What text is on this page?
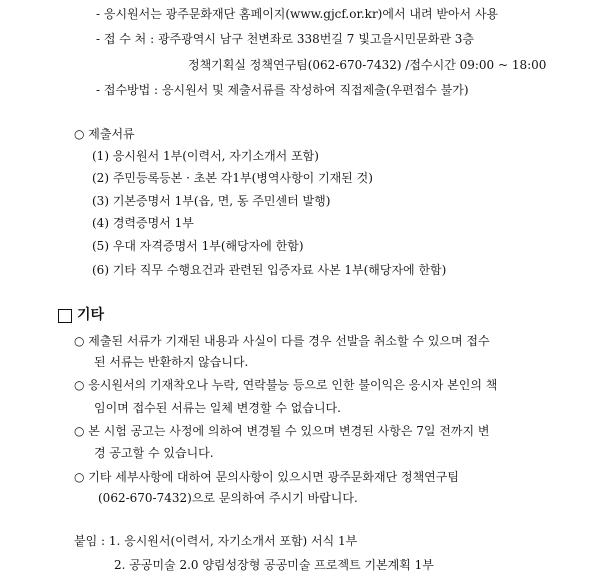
- 응시원서는 광주문화재단 홈페이지(www.gjcf.or.kr)에서 내려 받아서 사용
- 접 수 처 : 광주광역시 남구 천변좌로 338번길 7 빛고을시민문화관 3층
정책기획실 정책연구팀(062-670-7432) /접수시간 09:00 ~ 18:00
- 접수방법 : 응시원서 및 제출서류를 작성하여 직접제출(우편접수 불가)
○ 제출서류
(1) 응시원서 1부(이력서, 자기소개서 포함)
(2) 주민등록등본 · 초본 각1부(병역사항이 기재된 것)
(3) 기본증명서 1부(읍, 면, 동 주민센터 발행)
(4) 경력증명서 1부
(5) 우대 자격증명서 1부(해당자에 한함)
(6) 기타 직무 수행요건과 관련된 입증자료 사본 1부(해당자에 한함)
기타
○ 제출된 서류가 기재된 내용과 사실이 다를 경우 선발을 취소할 수 있으며 접수
된 서류는 반환하지 않습니다.
○ 응시원서의 기재착오나 누락, 연락불능 등으로 인한 불이익은 응시자 본인의 책
임이며 접수된 서류는 일체 변경할 수 없습니다.
○ 본 시험 공고는 사정에 의하여 변경될 수 있으며 변경된 사항은 7일 전까지 변
경 공고할 수 있습니다.
○ 기타 세부사항에 대하여 문의사항이 있으시면 광주문화재단 정책연구팀
(062-670-7432)으로 문의하여 주시기 바랍니다.
붙임 : 1. 응시원서(이력서, 자기소개서 포함) 서식 1부
2. 공공미술 2.0 양림성장형 공공미술 프로젝트 기본계획 1부
